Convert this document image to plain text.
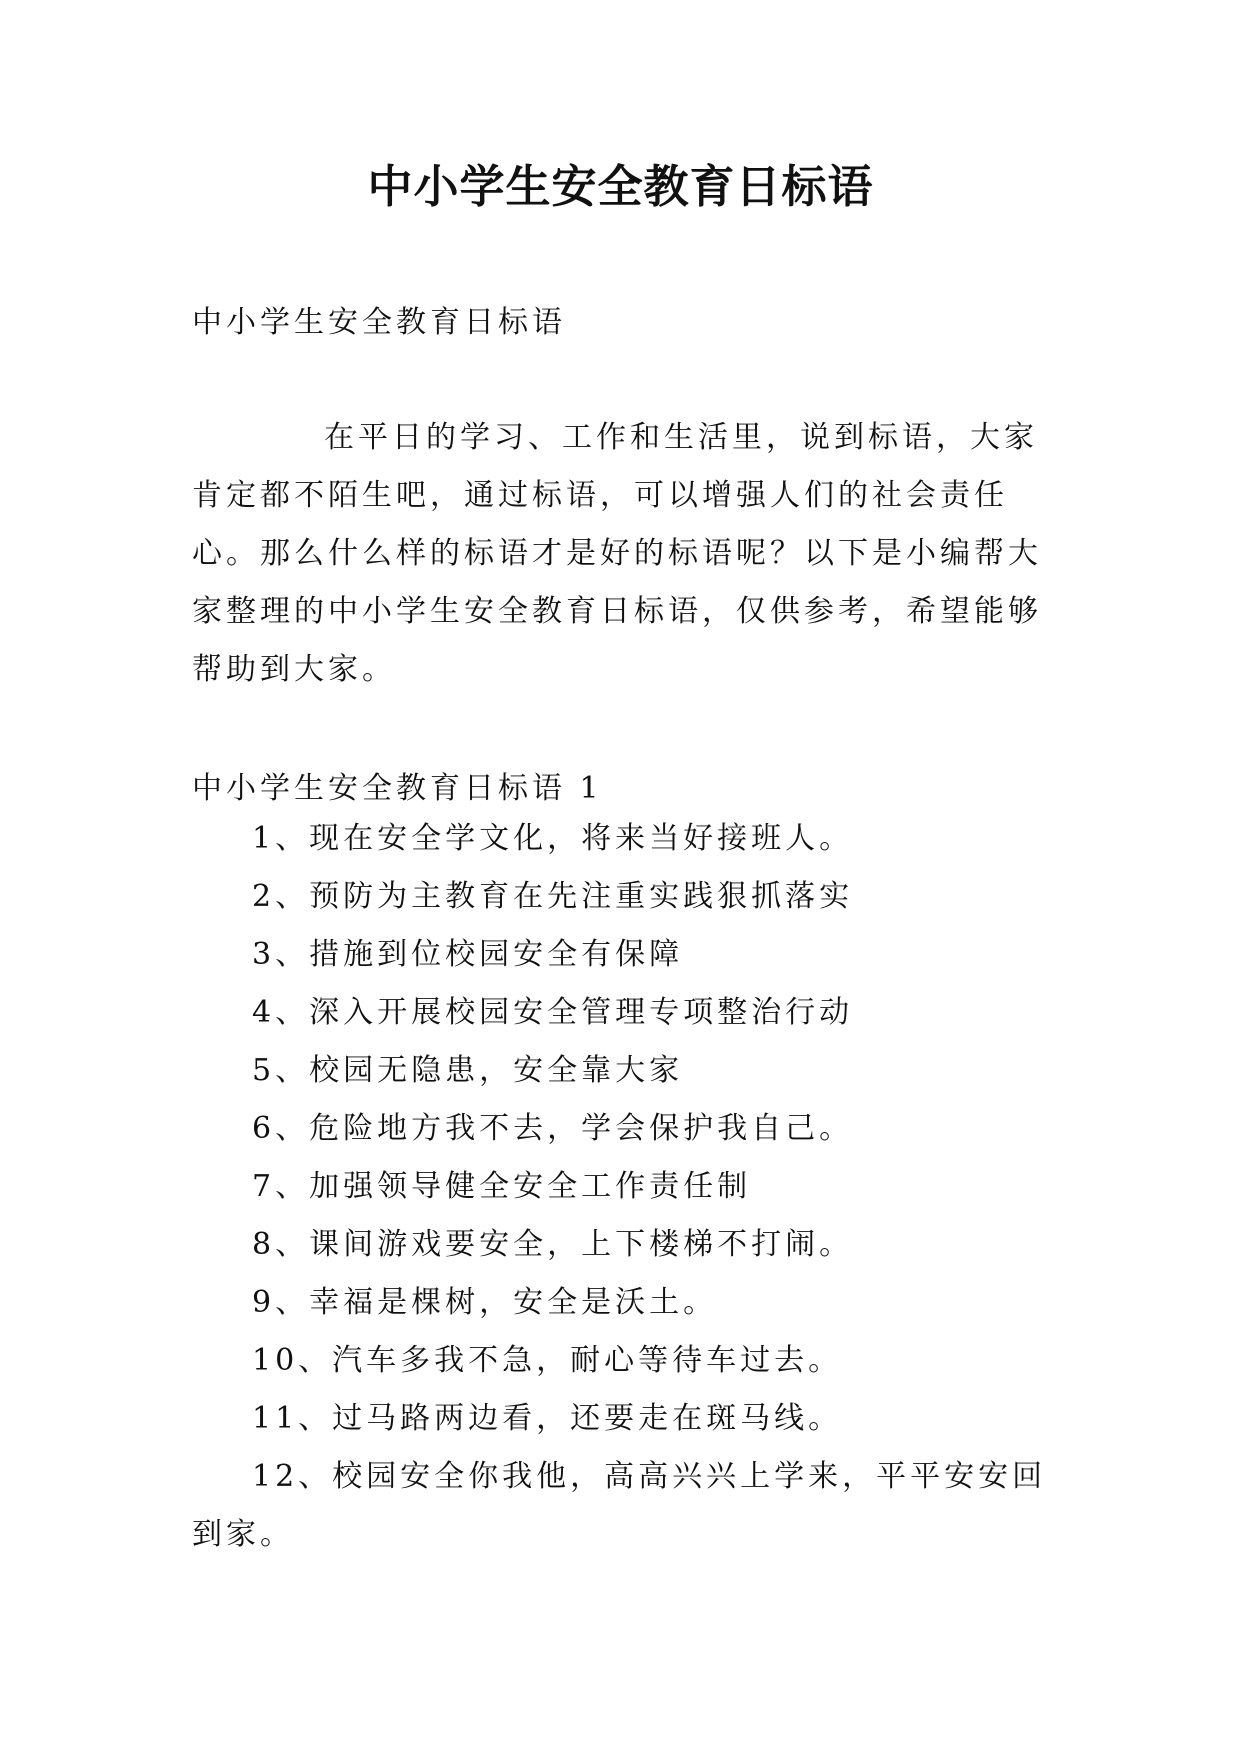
中小学生安全教育日标语
中小学生安全教育日标语
在平日的学习、工作和生活里，说到标语，大家肯定都不陌生吧，通过标语，可以增强人们的社会责任心。那么什么样的标语才是好的标语呢？以下是小编帮大家整理的中小学生安全教育日标语，仅供参考，希望能够帮助到大家。
中小学生安全教育日标语 1
1、现在安全学文化，将来当好接班人。
2、预防为主教育在先注重实践狠抓落实
3、措施到位校园安全有保障
4、深入开展校园安全管理专项整治行动
5、校园无隐患，安全靠大家
6、危险地方我不去，学会保护我自己。
7、加强领导健全安全工作责任制
8、课间游戏要安全，上下楼梯不打闹。
9、幸福是棵树，安全是沃土。
10、汽车多我不急，耐心等待车过去。
11、过马路两边看，还要走在斑马线。
12、校园安全你我他，高高兴兴上学来，平平安安回到家。
